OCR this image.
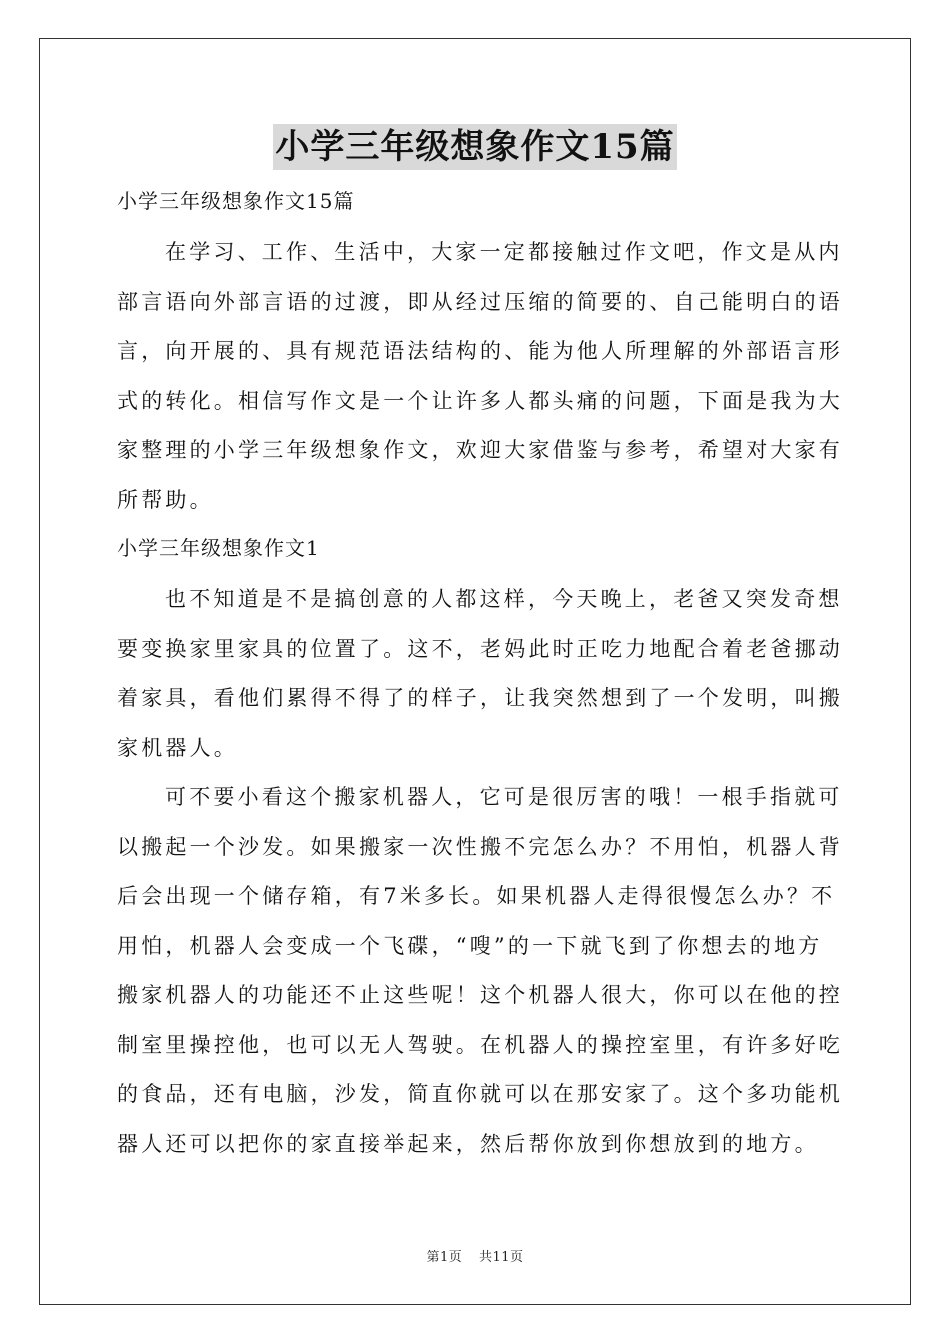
小学三年级想象作文15篇
小学三年级想象作文15篇
在学习、工作、生活中，大家一定都接触过作文吧，作文是从内
部言语向外部言语的过渡，即从经过压缩的简要的、自己能明白的语
言，向开展的、具有规范语法结构的、能为他人所理解的外部语言形
式的转化。相信写作文是一个让许多人都头痛的问题，下面是我为大
家整理的小学三年级想象作文，欢迎大家借鉴与参考，希望对大家有
所帮助。
小学三年级想象作文1
也不知道是不是搞创意的人都这样，今天晚上，老爸又突发奇想
要变换家里家具的位置了。这不，老妈此时正吃力地配合着老爸挪动
着家具，看他们累得不得了的样子，让我突然想到了一个发明，叫搬
家机器人。
可不要小看这个搬家机器人，它可是很厉害的哦！一根手指就可
以搬起一个沙发。如果搬家一次性搬不完怎么办？不用怕，机器人背
后会出现一个储存箱，有7米多长。如果机器人走得很慢怎么办？不
用怕，机器人会变成一个飞碟，“嗖”的一下就飞到了你想去的地方
搬家机器人的功能还不止这些呢！这个机器人很大，你可以在他的控
制室里操控他，也可以无人驾驶。在机器人的操控室里，有许多好吃
的食品，还有电脑，沙发，简直你就可以在那安家了。这个多功能机
器人还可以把你的家直接举起来，然后帮你放到你想放到的地方。
第1页 共11页
